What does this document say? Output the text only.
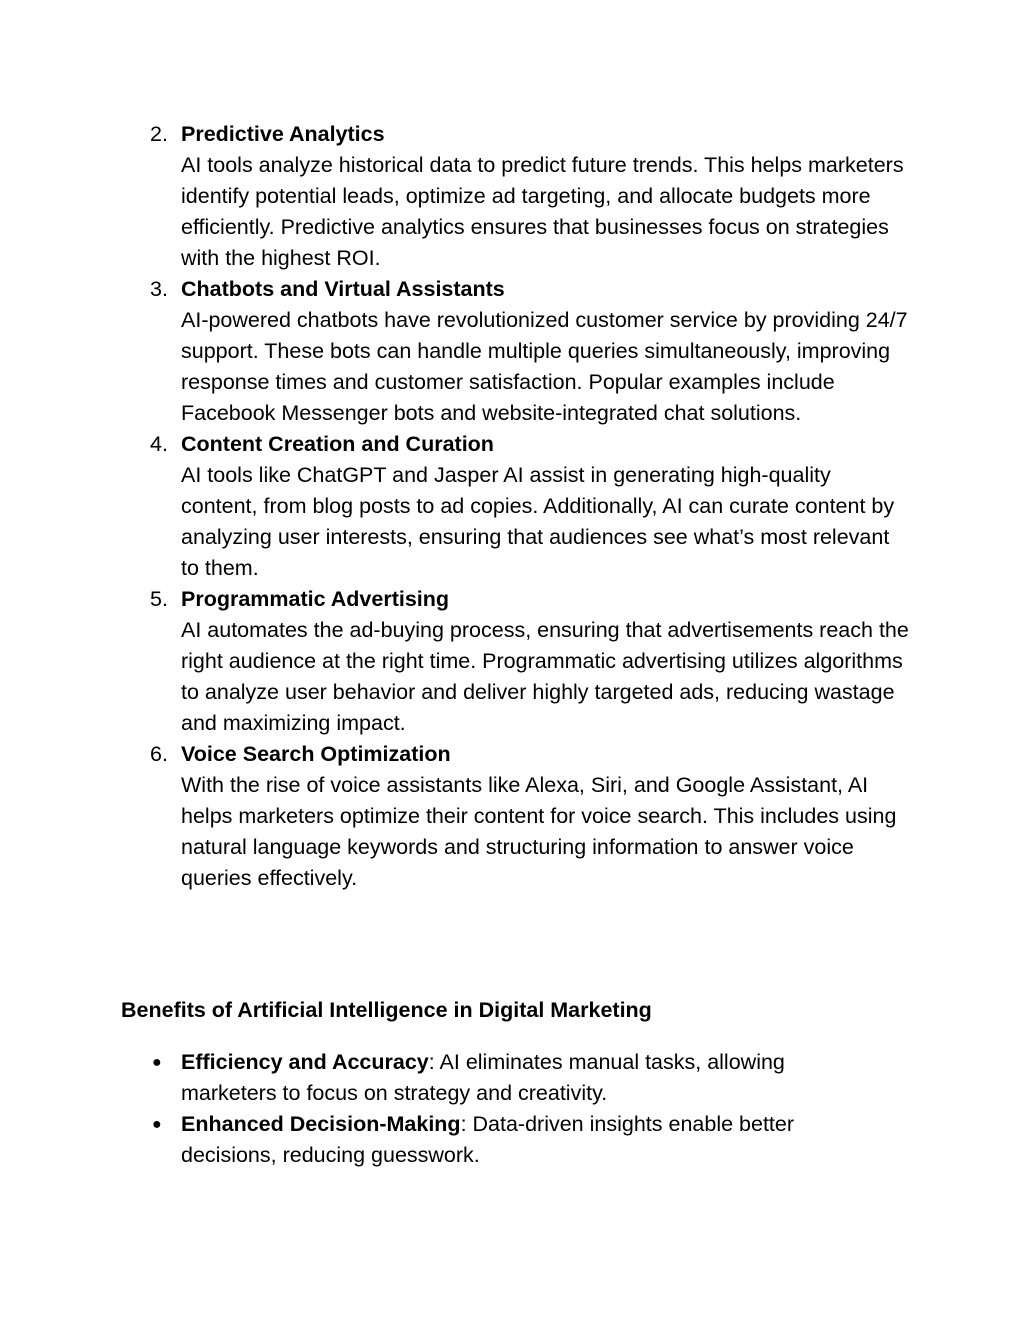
2. Predictive Analytics
AI tools analyze historical data to predict future trends. This helps marketers identify potential leads, optimize ad targeting, and allocate budgets more efficiently. Predictive analytics ensures that businesses focus on strategies with the highest ROI.
3. Chatbots and Virtual Assistants
AI-powered chatbots have revolutionized customer service by providing 24/7 support. These bots can handle multiple queries simultaneously, improving response times and customer satisfaction. Popular examples include Facebook Messenger bots and website-integrated chat solutions.
4. Content Creation and Curation
AI tools like ChatGPT and Jasper AI assist in generating high-quality content, from blog posts to ad copies. Additionally, AI can curate content by analyzing user interests, ensuring that audiences see what’s most relevant to them.
5. Programmatic Advertising
AI automates the ad-buying process, ensuring that advertisements reach the right audience at the right time. Programmatic advertising utilizes algorithms to analyze user behavior and deliver highly targeted ads, reducing wastage and maximizing impact.
6. Voice Search Optimization
With the rise of voice assistants like Alexa, Siri, and Google Assistant, AI helps marketers optimize their content for voice search. This includes using natural language keywords and structuring information to answer voice queries effectively.
Benefits of Artificial Intelligence in Digital Marketing
● Efficiency and Accuracy: AI eliminates manual tasks, allowing marketers to focus on strategy and creativity.
● Enhanced Decision-Making: Data-driven insights enable better decisions, reducing guesswork.
